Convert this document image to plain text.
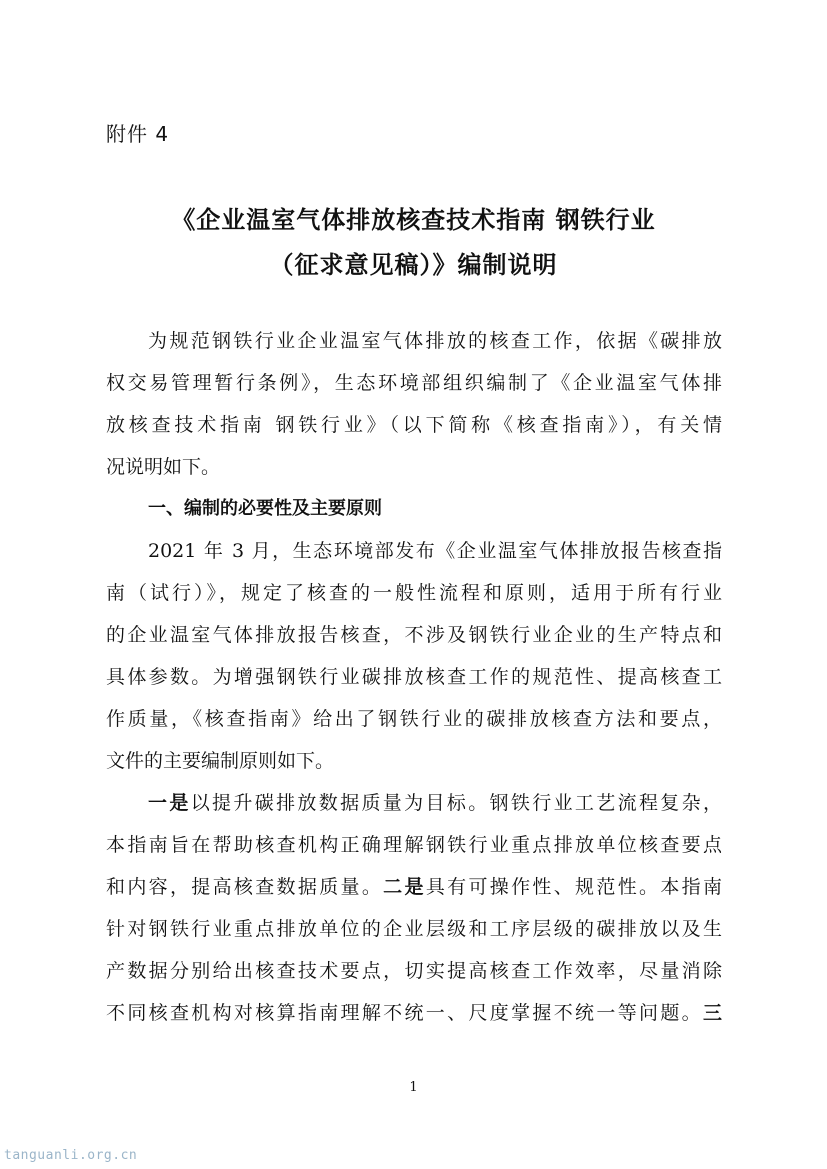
附件 4
《企业温室气体排放核查技术指南 钢铁行业
（征求意见稿）》编制说明
为规范钢铁行业企业温室气体排放的核查工作，依据《碳排放
权交易管理暂行条例》，生态环境部组织编制了《企业温室气体排
放核查技术指南 钢铁行业》（以下简称《核查指南》），有关情
况说明如下。
一、编制的必要性及主要原则
2021 年 3 月，生态环境部发布《企业温室气体排放报告核查指
南（试行）》，规定了核查的一般性流程和原则，适用于所有行业
的企业温室气体排放报告核查，不涉及钢铁行业企业的生产特点和
具体参数。为增强钢铁行业碳排放核查工作的规范性、提高核查工
作质量，《核查指南》给出了钢铁行业的碳排放核查方法和要点，
文件的主要编制原则如下。
一是以提升碳排放数据质量为目标。钢铁行业工艺流程复杂，
本指南旨在帮助核查机构正确理解钢铁行业重点排放单位核查要点
和内容，提高核查数据质量。二是具有可操作性、规范性。本指南
针对钢铁行业重点排放单位的企业层级和工序层级的碳排放以及生
产数据分别给出核查技术要点，切实提高核查工作效率，尽量消除
不同核查机构对核算指南理解不统一、尺度掌握不统一等问题。三
1
tanguanli.org.cn
